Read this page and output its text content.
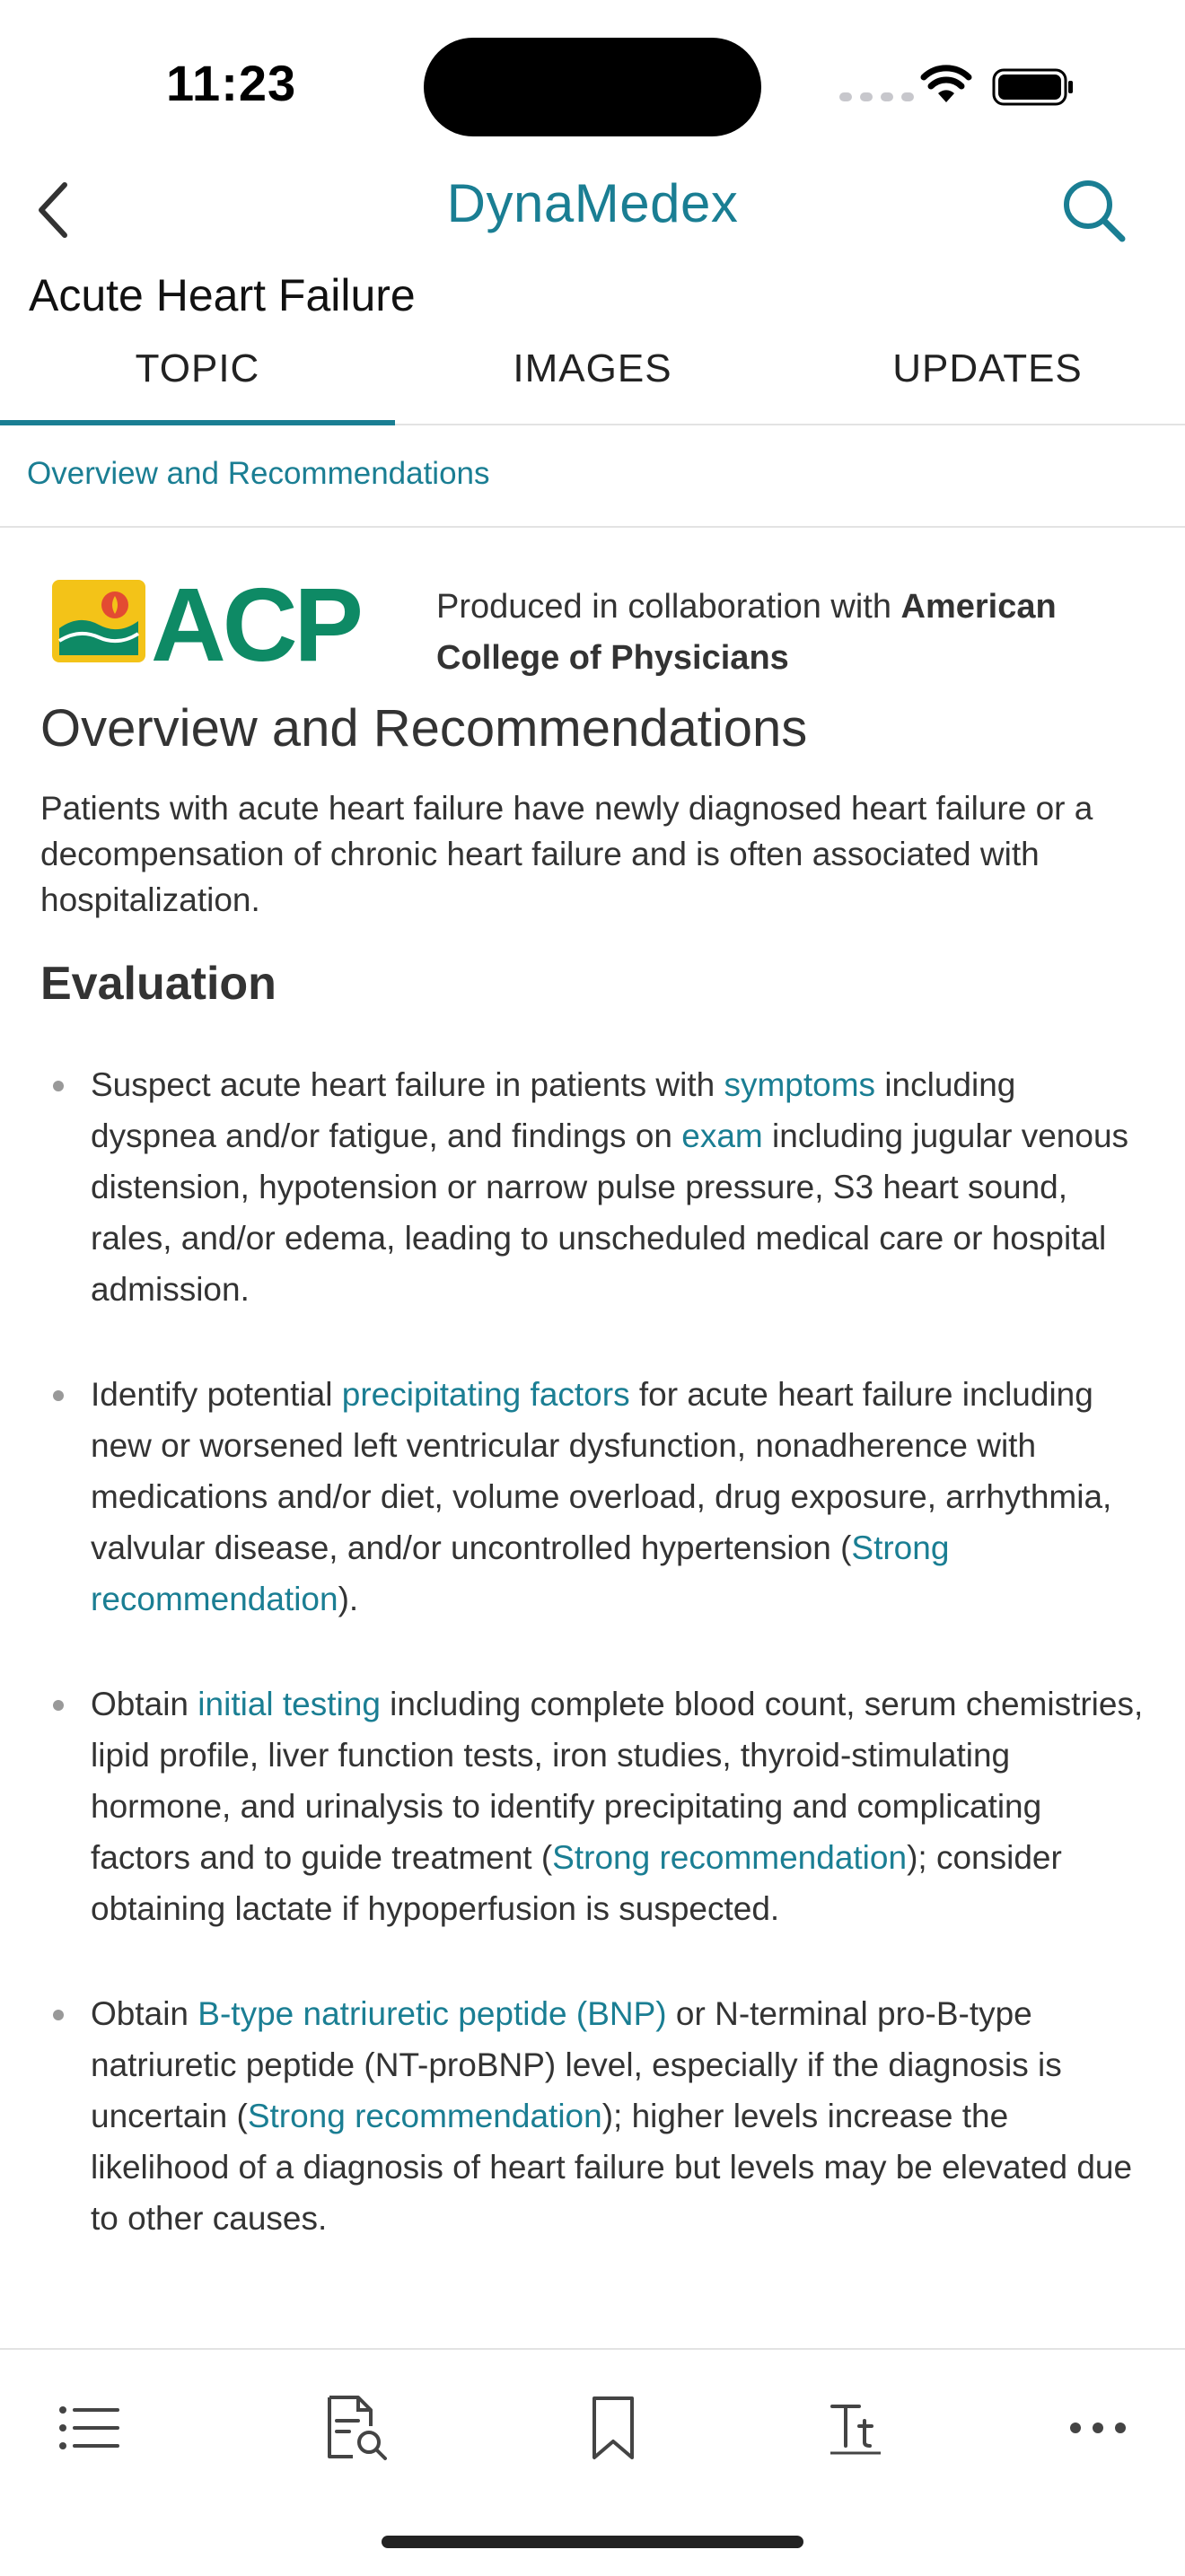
11:23
DynaMedex
Acute Heart Failure
TOPIC	IMAGES	UPDATES
Overview and Recommendations
ACP Produced in collaboration with American College of Physicians
Overview and Recommendations
Patients with acute heart failure have newly diagnosed heart failure or a decompensation of chronic heart failure and is often associated with hospitalization.
Evaluation
Suspect acute heart failure in patients with symptoms including dyspnea and/or fatigue, and findings on exam including jugular venous distension, hypotension or narrow pulse pressure, S3 heart sound, rales, and/or edema, leading to unscheduled medical care or hospital admission.
Identify potential precipitating factors for acute heart failure including new or worsened left ventricular dysfunction, nonadherence with medications and/or diet, volume overload, drug exposure, arrhythmia, valvular disease, and/or uncontrolled hypertension (Strong recommendation).
Obtain initial testing including complete blood count, serum chemistries, lipid profile, liver function tests, iron studies, thyroid-stimulating hormone, and urinalysis to identify precipitating and complicating factors and to guide treatment (Strong recommendation); consider obtaining lactate if hypoperfusion is suspected.
Obtain B-type natriuretic peptide (BNP) or N-terminal pro-B-type natriuretic peptide (NT-proBNP) level, especially if the diagnosis is uncertain (Strong recommendation); higher levels increase the likelihood of a diagnosis of heart failure but levels may be elevated due to other causes.
